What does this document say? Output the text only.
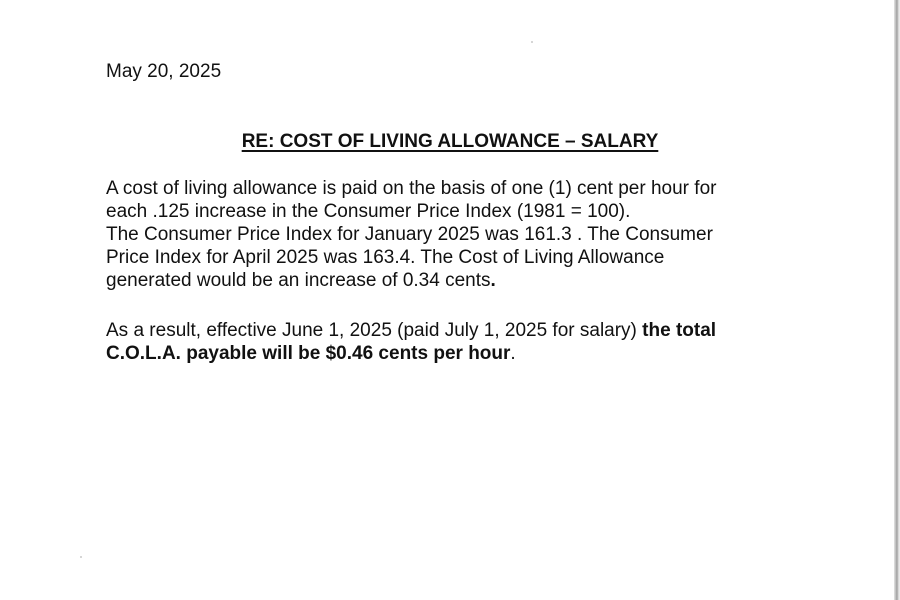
May 20, 2025

RE: COST OF LIVING ALLOWANCE – SALARY

A cost of living allowance is paid on the basis of one (1) cent per hour for
each .125 increase in the Consumer Price Index (1981 = 100).
The Consumer Price Index for January 2025 was 161.3 . The Consumer
Price Index for April 2025 was 163.4. The Cost of Living Allowance
generated would be an increase of 0.34 cents.

As a result, effective June 1, 2025 (paid July 1, 2025 for salary) the total
C.O.L.A. payable will be $0.46 cents per hour.
